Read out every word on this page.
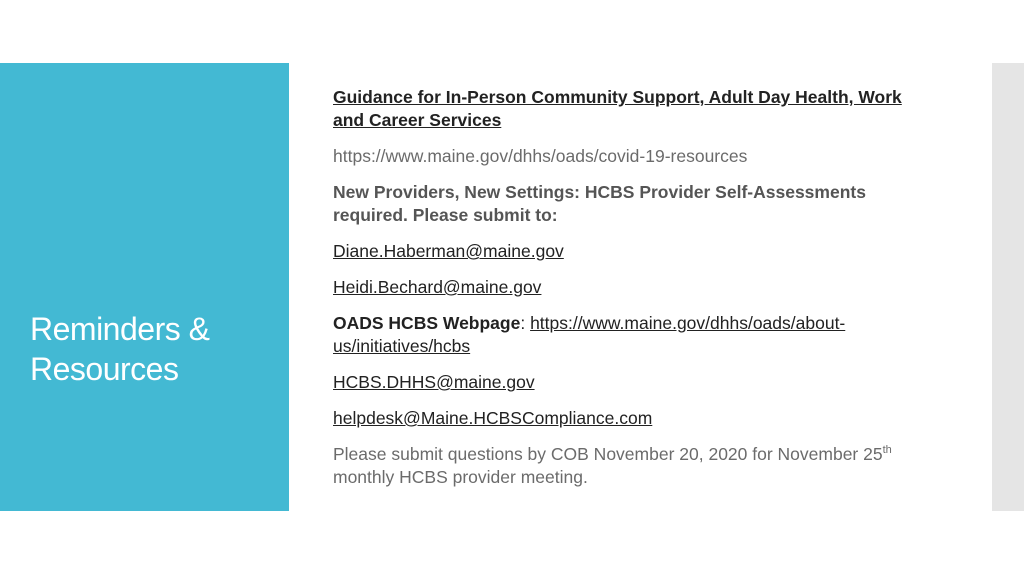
Reminders &
Resources

Guidance for In-Person Community Support, Adult Day Health, Work and Career Services

https://www.maine.gov/dhhs/oads/covid-19-resources

New Providers, New Settings: HCBS Provider Self-Assessments required. Please submit to:

Diane.Haberman@maine.gov

Heidi.Bechard@maine.gov

OADS HCBS Webpage: https://www.maine.gov/dhhs/oads/about-us/initiatives/hcbs

HCBS.DHHS@maine.gov

helpdesk@Maine.HCBSCompliance.com

Please submit questions by COB November 20, 2020 for November 25th monthly HCBS provider meeting.
